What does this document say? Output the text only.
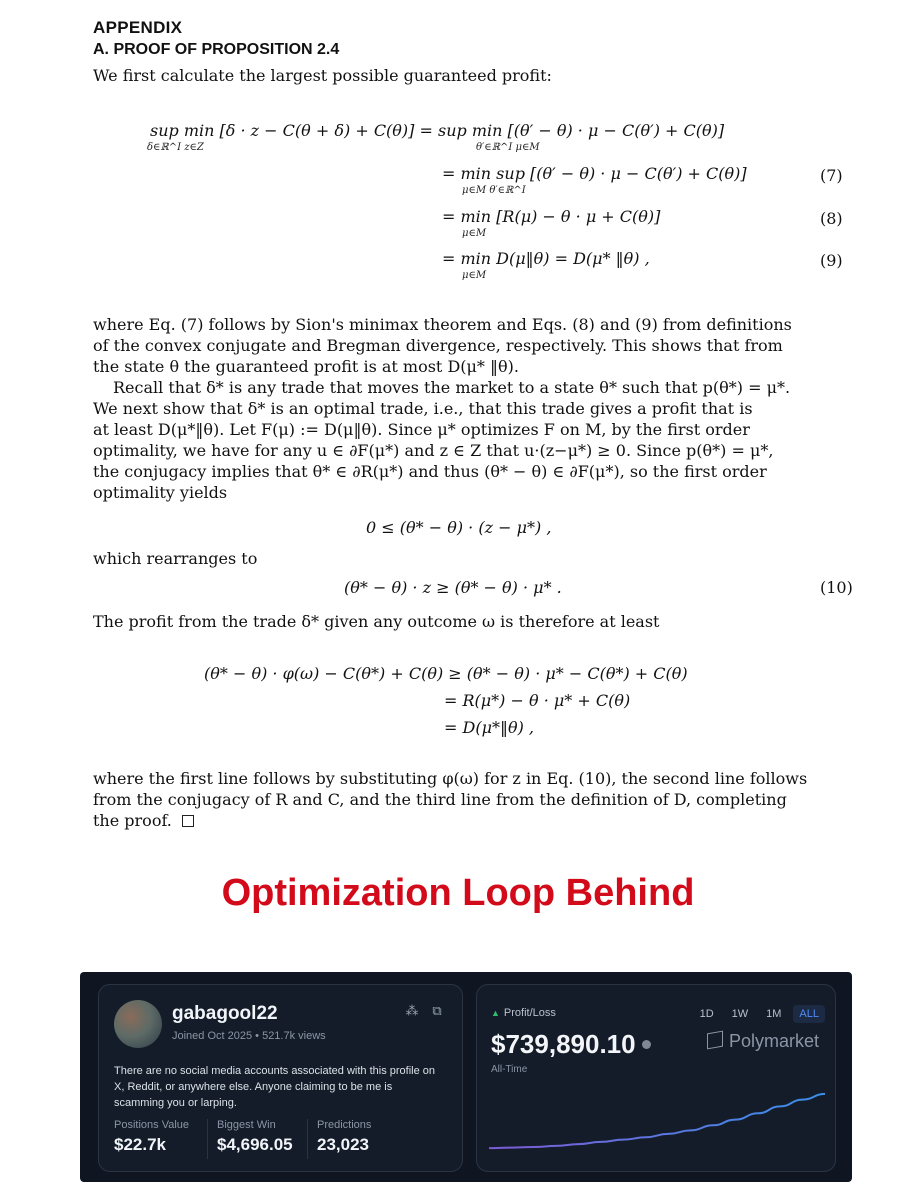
APPENDIX
A. PROOF OF PROPOSITION 2.4
We first calculate the largest possible guaranteed profit:
sup min [δ · z − C(θ + δ) + C(θ)] = sup min [(θ′ − θ) · μ − C(θ′) + C(θ)]
δ∈ℝ^I z∈Z	θ′∈ℝ^I μ∈M
= min sup [(θ′ − θ) · μ − C(θ′) + C(θ)]
μ∈M θ′∈ℝ^I
(7)
= min [R(μ) − θ · μ + C(θ)]
μ∈M
(8)
= min D(μ‖θ) = D(μ* ‖θ) ,
μ∈M
(9)
where Eq. (7) follows by Sion's minimax theorem and Eqs. (8) and (9) from definitions
of the convex conjugate and Bregman divergence, respectively. This shows that from
the state θ the guaranteed profit is at most D(μ* ‖θ).
Recall that δ* is any trade that moves the market to a state θ* such that p(θ*) = μ*.
We next show that δ* is an optimal trade, i.e., that this trade gives a profit that is
at least D(μ*‖θ). Let F(μ) := D(μ‖θ). Since μ* optimizes F on M, by the first order
optimality, we have for any u ∈ ∂F(μ*) and z ∈ Z that u·(z−μ*) ≥ 0. Since p(θ*) = μ*,
the conjugacy implies that θ* ∈ ∂R(μ*) and thus (θ* − θ) ∈ ∂F(μ*), so the first order
optimality yields
0 ≤ (θ* − θ) · (z − μ*) ,
which rearranges to
(θ* − θ) · z ≥ (θ* − θ) · μ* .	(10)
The profit from the trade δ* given any outcome ω is therefore at least
(θ* − θ) · φ(ω) − C(θ*) + C(θ) ≥ (θ* − θ) · μ* − C(θ*) + C(θ)
= R(μ*) − θ · μ* + C(θ)
= D(μ*‖θ) ,
where the first line follows by substituting φ(ω) for z in Eq. (10), the second line follows
from the conjugacy of R and C, and the third line from the definition of D, completing
the proof.
Optimization Loop Behind
gabagool22
Joined Oct 2025 • 521.7k views
⁂ ⧉
There are no social media accounts associated with this profile on X, Reddit, or anywhere else. Anyone claiming to be me is scamming you or larping.
Positions Value
$22.7k
Biggest Win
$4,696.05
Predictions
23,023
▲ Profit/Loss
$739,890.10
All-Time
1D	1W	1M	ALL
Polymarket
